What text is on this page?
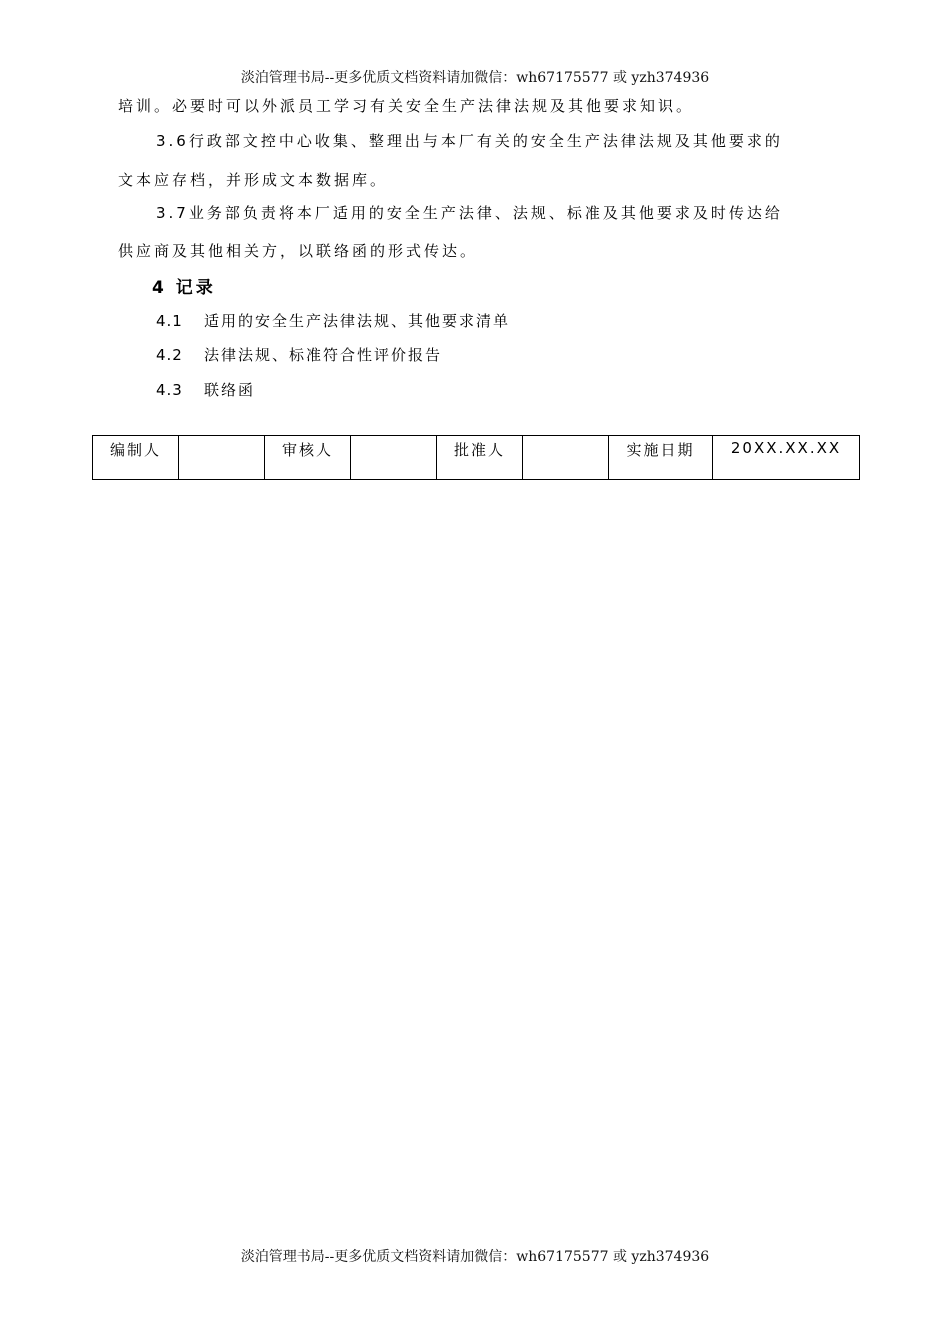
淡泊管理书局--更多优质文档资料请加微信：wh67175577 或 yzh374936
培训。必要时可以外派员工学习有关安全生产法律法规及其他要求知识。
3.6行政部文控中心收集、整理出与本厂有关的安全生产法律法规及其他要求的
文本应存档，并形成文本数据库。
3.7业务部负责将本厂适用的安全生产法律、法规、标准及其他要求及时传达给
供应商及其他相关方，以联络函的形式传达。
4 记录
4.1	适用的安全生产法律法规、其他要求清单
4.2	法律法规、标准符合性评价报告
4.3	联络函
编制人		审核人		批准人		实施日期	20XX.XX.XX
淡泊管理书局--更多优质文档资料请加微信：wh67175577 或 yzh374936
